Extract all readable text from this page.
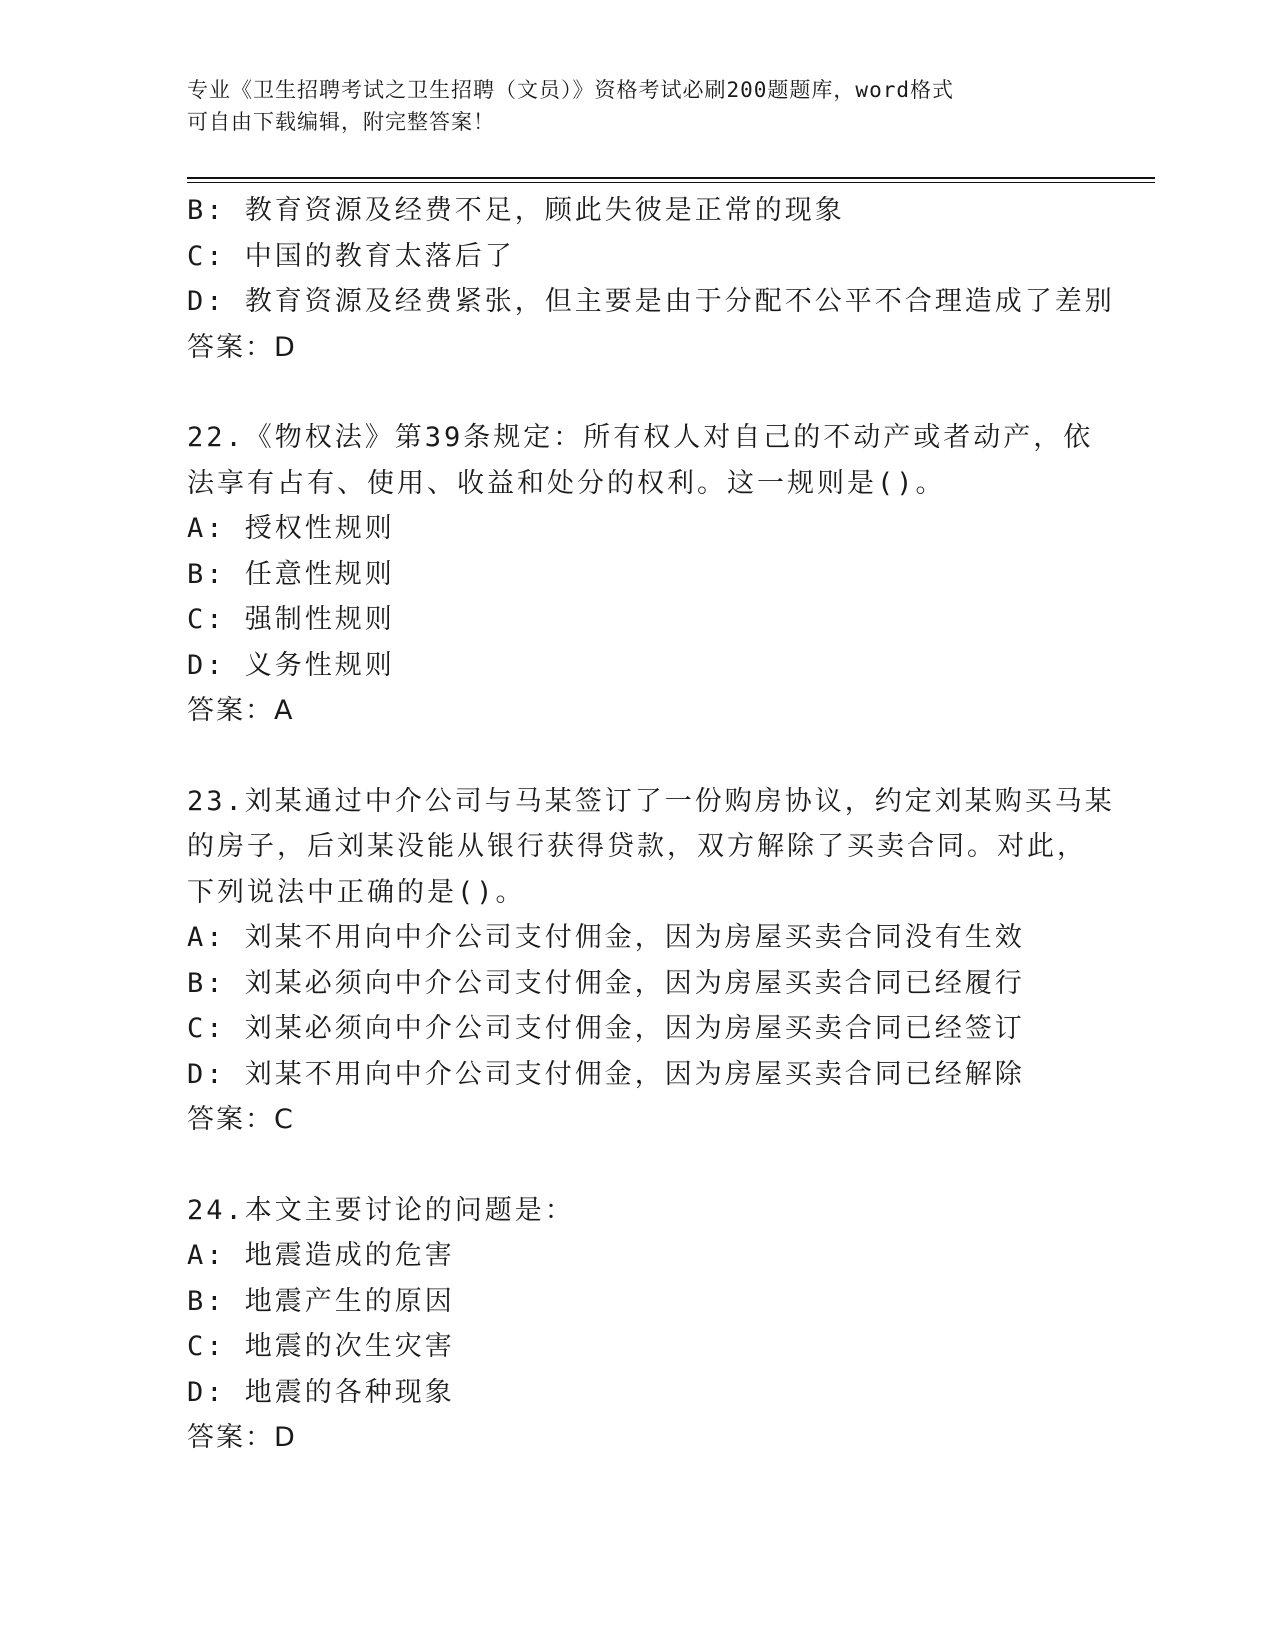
专业《卫生招聘考试之卫生招聘（文员）》资格考试必刷200题题库，word格式
可自由下载编辑，附完整答案！
B: 教育资源及经费不足，顾此失彼是正常的现象
C: 中国的教育太落后了
D: 教育资源及经费紧张，但主要是由于分配不公平不合理造成了差别
答案：D
22.《物权法》第39条规定：所有权人对自己的不动产或者动产，依
法享有占有、使用、收益和处分的权利。这一规则是()。
A: 授权性规则
B: 任意性规则
C: 强制性规则
D: 义务性规则
答案：A
23.刘某通过中介公司与马某签订了一份购房协议，约定刘某购买马某
的房子，后刘某没能从银行获得贷款，双方解除了买卖合同。对此，
下列说法中正确的是()。
A: 刘某不用向中介公司支付佣金，因为房屋买卖合同没有生效
B: 刘某必须向中介公司支付佣金，因为房屋买卖合同已经履行
C: 刘某必须向中介公司支付佣金，因为房屋买卖合同已经签订
D: 刘某不用向中介公司支付佣金，因为房屋买卖合同已经解除
答案：C
24.本文主要讨论的问题是：
A: 地震造成的危害
B: 地震产生的原因
C: 地震的次生灾害
D: 地震的各种现象
答案：D
